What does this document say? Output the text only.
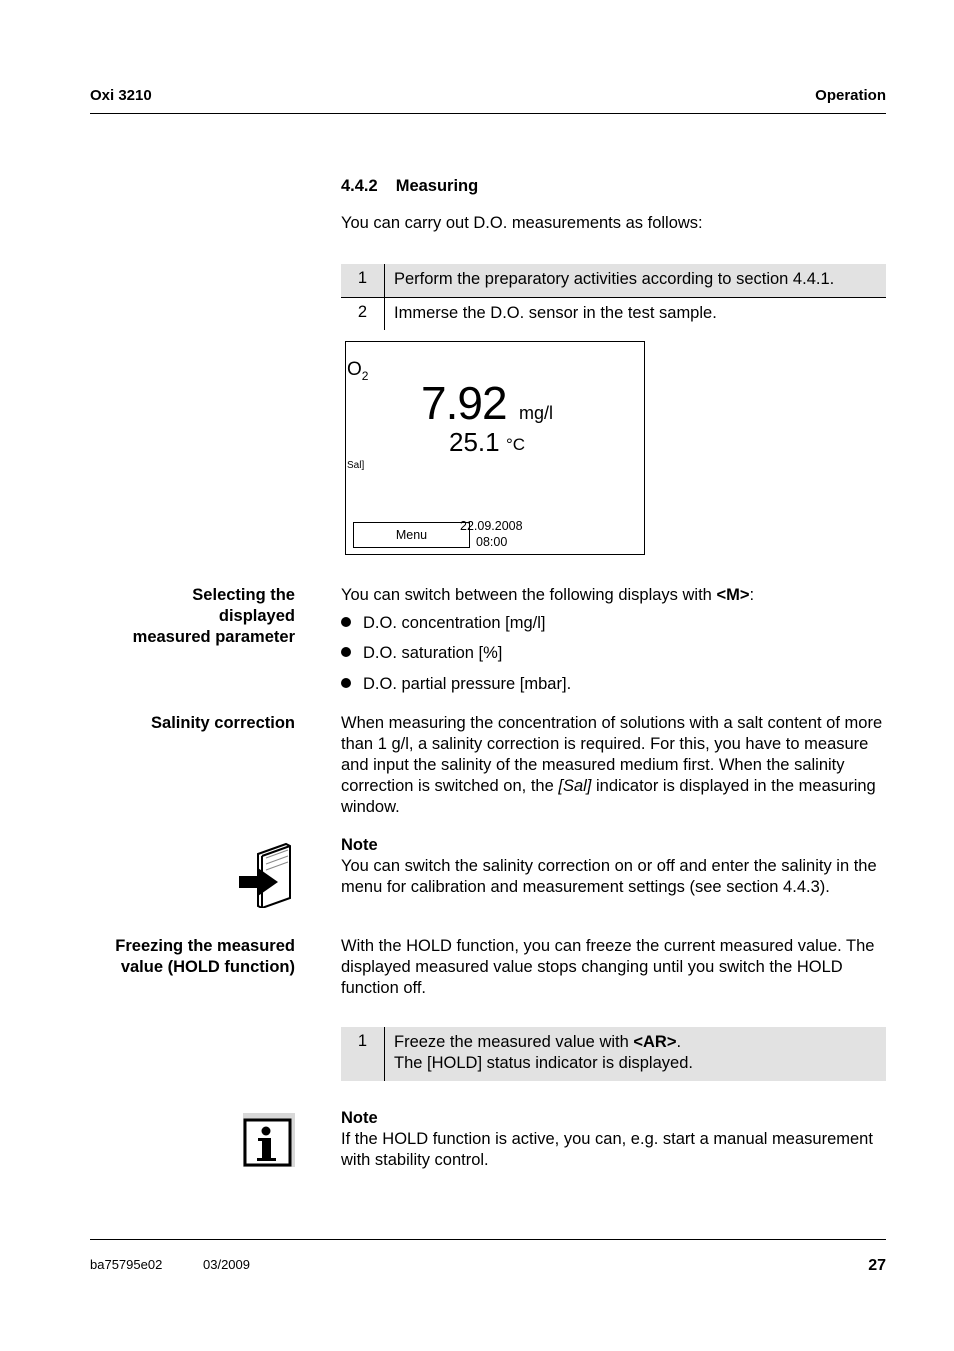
Oxi 3210	Operation
4.4.2 Measuring
You can carry out D.O. measurements as follows:
1	Perform the preparatory activities according to section 4.4.1.
2	Immerse the D.O. sensor in the test sample.
$O_2$
7.92 mg/l
25.1 °C
Sal]
Menu
22.09.2008
08:00
Selecting the
displayed
measured parameter
You can switch between the following displays with <M>:
D.O. concentration [mg/l]
D.O. saturation [%]
D.O. partial pressure [mbar].
Salinity correction	When measuring the concentration of solutions with a salt content of more than 1 g/l, a salinity correction is required. For this, you have to measure and input the salinity of the measured medium first. When the salinity correction is switched on, the [Sal] indicator is displayed in the measuring window.
Note
You can switch the salinity correction on or off and enter the salinity in the menu for calibration and measurement settings (see section 4.4.3).
Freezing the measured
value (HOLD function)
With the HOLD function, you can freeze the current measured value. The displayed measured value stops changing until you switch the HOLD function off.
1	Freeze the measured value with <AR>.
The [HOLD] status indicator is displayed.
Note
If the HOLD function is active, you can, e.g. start a manual measurement with stability control.
ba75795e02	03/2009	27
